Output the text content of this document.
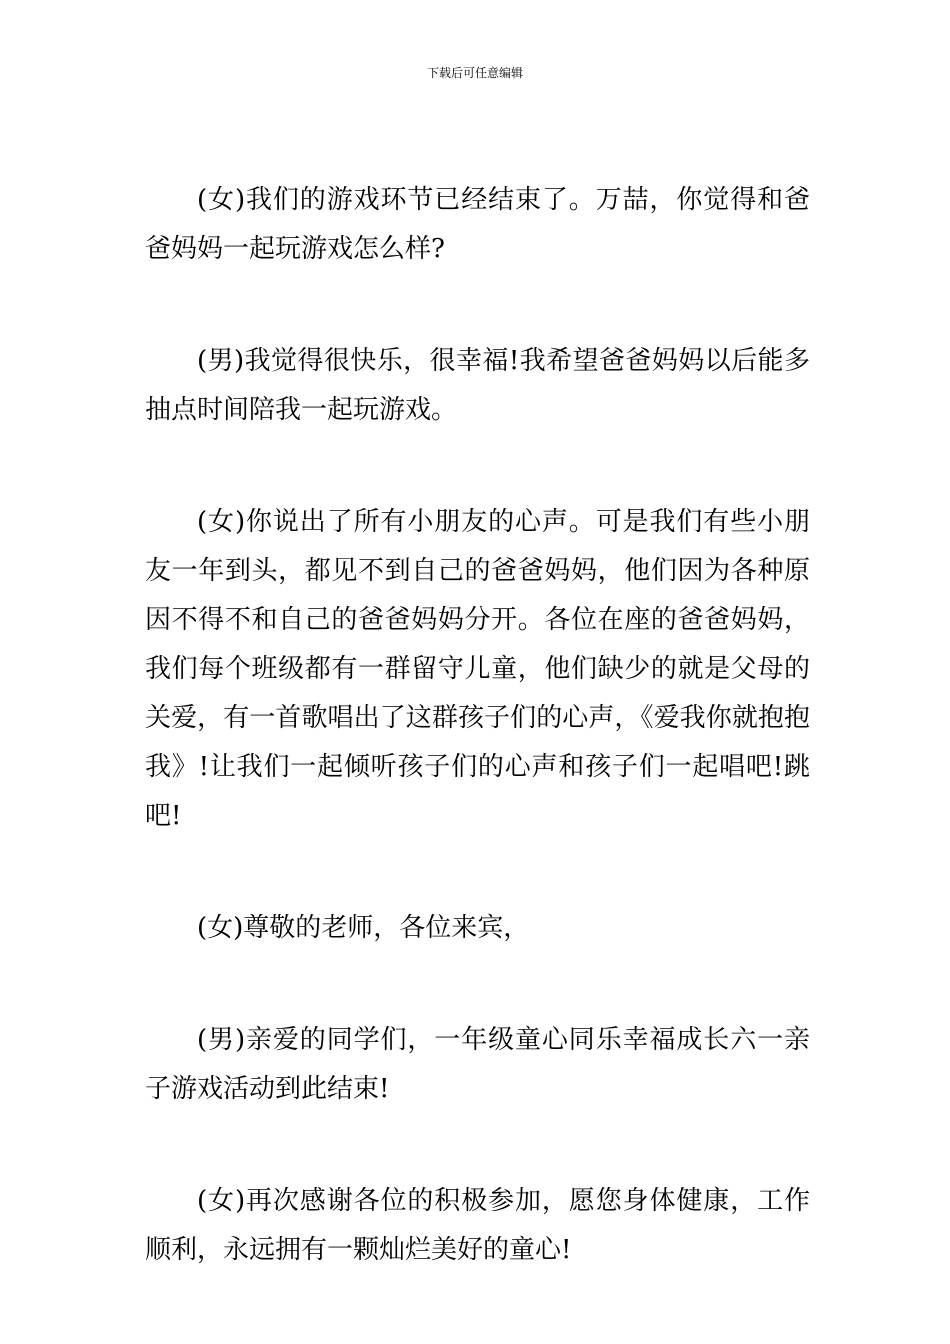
下载后可任意编辑

(女)我们的游戏环节已经结束了。万喆，你觉得和爸爸妈妈一起玩游戏怎么样?

(男)我觉得很快乐，很幸福!我希望爸爸妈妈以后能多抽点时间陪我一起玩游戏。

(女)你说出了所有小朋友的心声。可是我们有些小朋友一年到头，都见不到自己的爸爸妈妈，他们因为各种原因不得不和自己的爸爸妈妈分开。各位在座的爸爸妈妈，我们每个班级都有一群留守儿童，他们缺少的就是父母的关爱，有一首歌唱出了这群孩子们的心声，《爱我你就抱抱我》!让我们一起倾听孩子们的心声和孩子们一起唱吧!跳吧!

(女)尊敬的老师，各位来宾，

(男)亲爱的同学们，一年级童心同乐幸福成长六一亲子游戏活动到此结束!

(女)再次感谢各位的积极参加，愿您身体健康，工作顺利，永远拥有一颗灿烂美好的童心!
